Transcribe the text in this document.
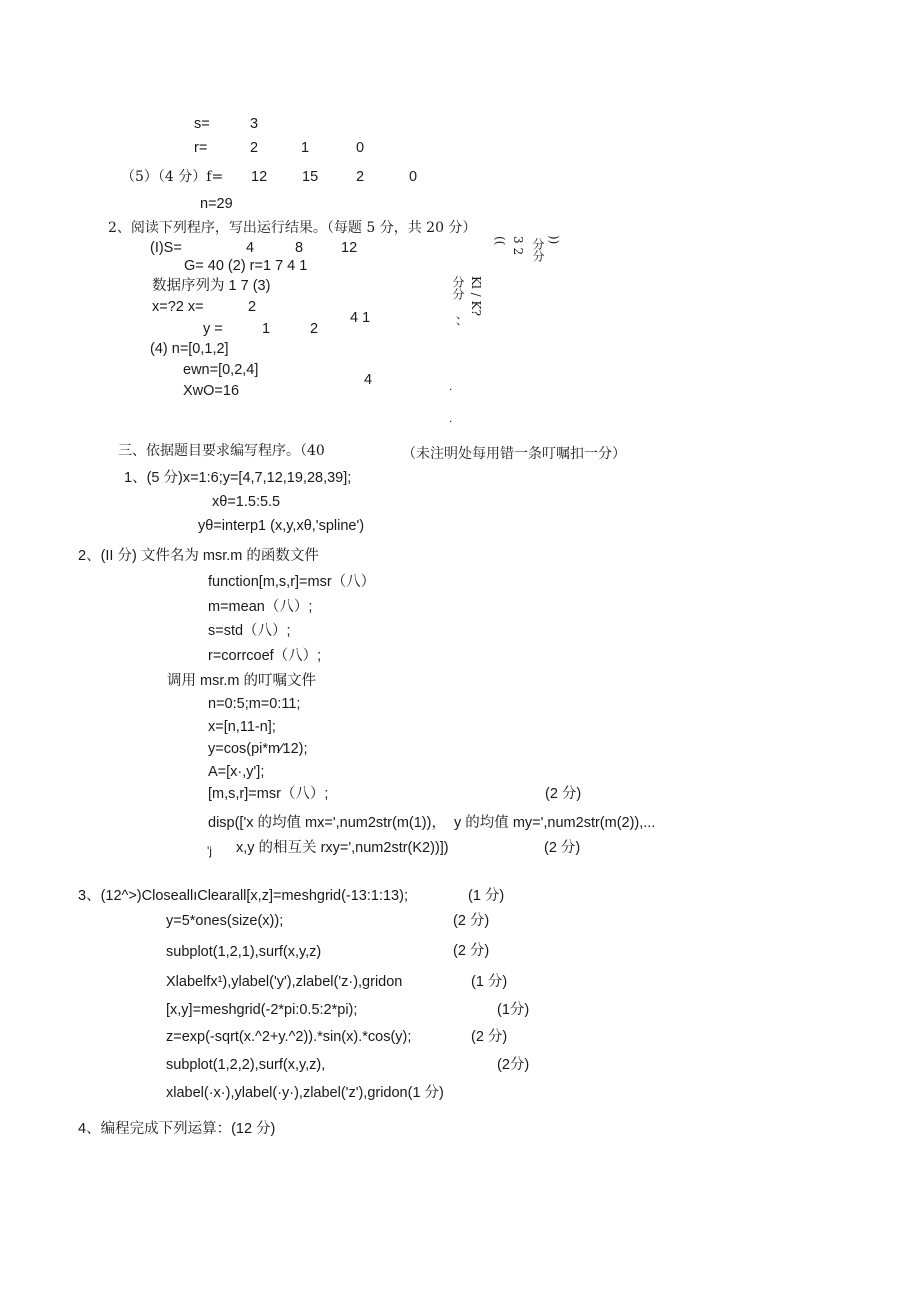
s=	3
r=	2	1	0
（5）（4 分）f= 12 15	2	0
n=29
2、阅读下列程序，写出运行结果。（每题 5 分，共 20 分）
(I)S=	4	8	12
G= 40 (2) r=1 7 4 1
数据序列为 1 7 (3)
x=?2 x=	2
4 1
y =	1	2
(4) n=[0,1,2]
ewn=[0,2,4]
4
XwO=16
))
分分
3 2
((
分分 Kl / K?
、、
.
.
三、依据题目要求编写程序。（40	（未注明处每用错一条叮嘱扣一分）
1、(5 分)x=1:6;y=[4,7,12,19,28,39];
xθ=1.5:5.5
yθ=interp1 (x,y,xθ,'spline')
2、(II 分) 文件名为 msr.m 的函数文件
function[m,s,r]=msr（八）
m=mean（八）;
s=std（八）;
r=corrcoef（八）;
调用 msr.m 的叮嘱文件
n=0:5;m=0:11;
x=[n,11-n];
y=cos(pi*m⁄12);
A=[x·,y'];
[m,s,r]=msr（八）;	(2 分)
disp(['x 的均值 mx=',num2str(m(1))，  y 的均值 my=',num2str(m(2)),...
'j x,y 的相互关 rxy=',num2str(K2))])	(2 分)
3、(12^>)CloseallıClearall[x,z]=meshgrid(-13:1:13);	(1 分)
y=5*ones(size(x));	(2 分)
subplot(1,2,1),surf(x,y,z)	(2 分)
Xlabelfx¹),ylabel('y'),zlabel('z·),gridon	(1 分)
[x,y]=meshgrid(-2*pi:0.5:2*pi);	(1分)
z=exp(-sqrt(x.^2+y.^2)).*sin(x).*cos(y);	(2 分)
subplot(1,2,2),surf(x,y,z),	(2分)
xlabel(·x·),ylabel(·y·),zlabel('z'),gridon(1 分)
4、编程完成下列运算：(12 分)
